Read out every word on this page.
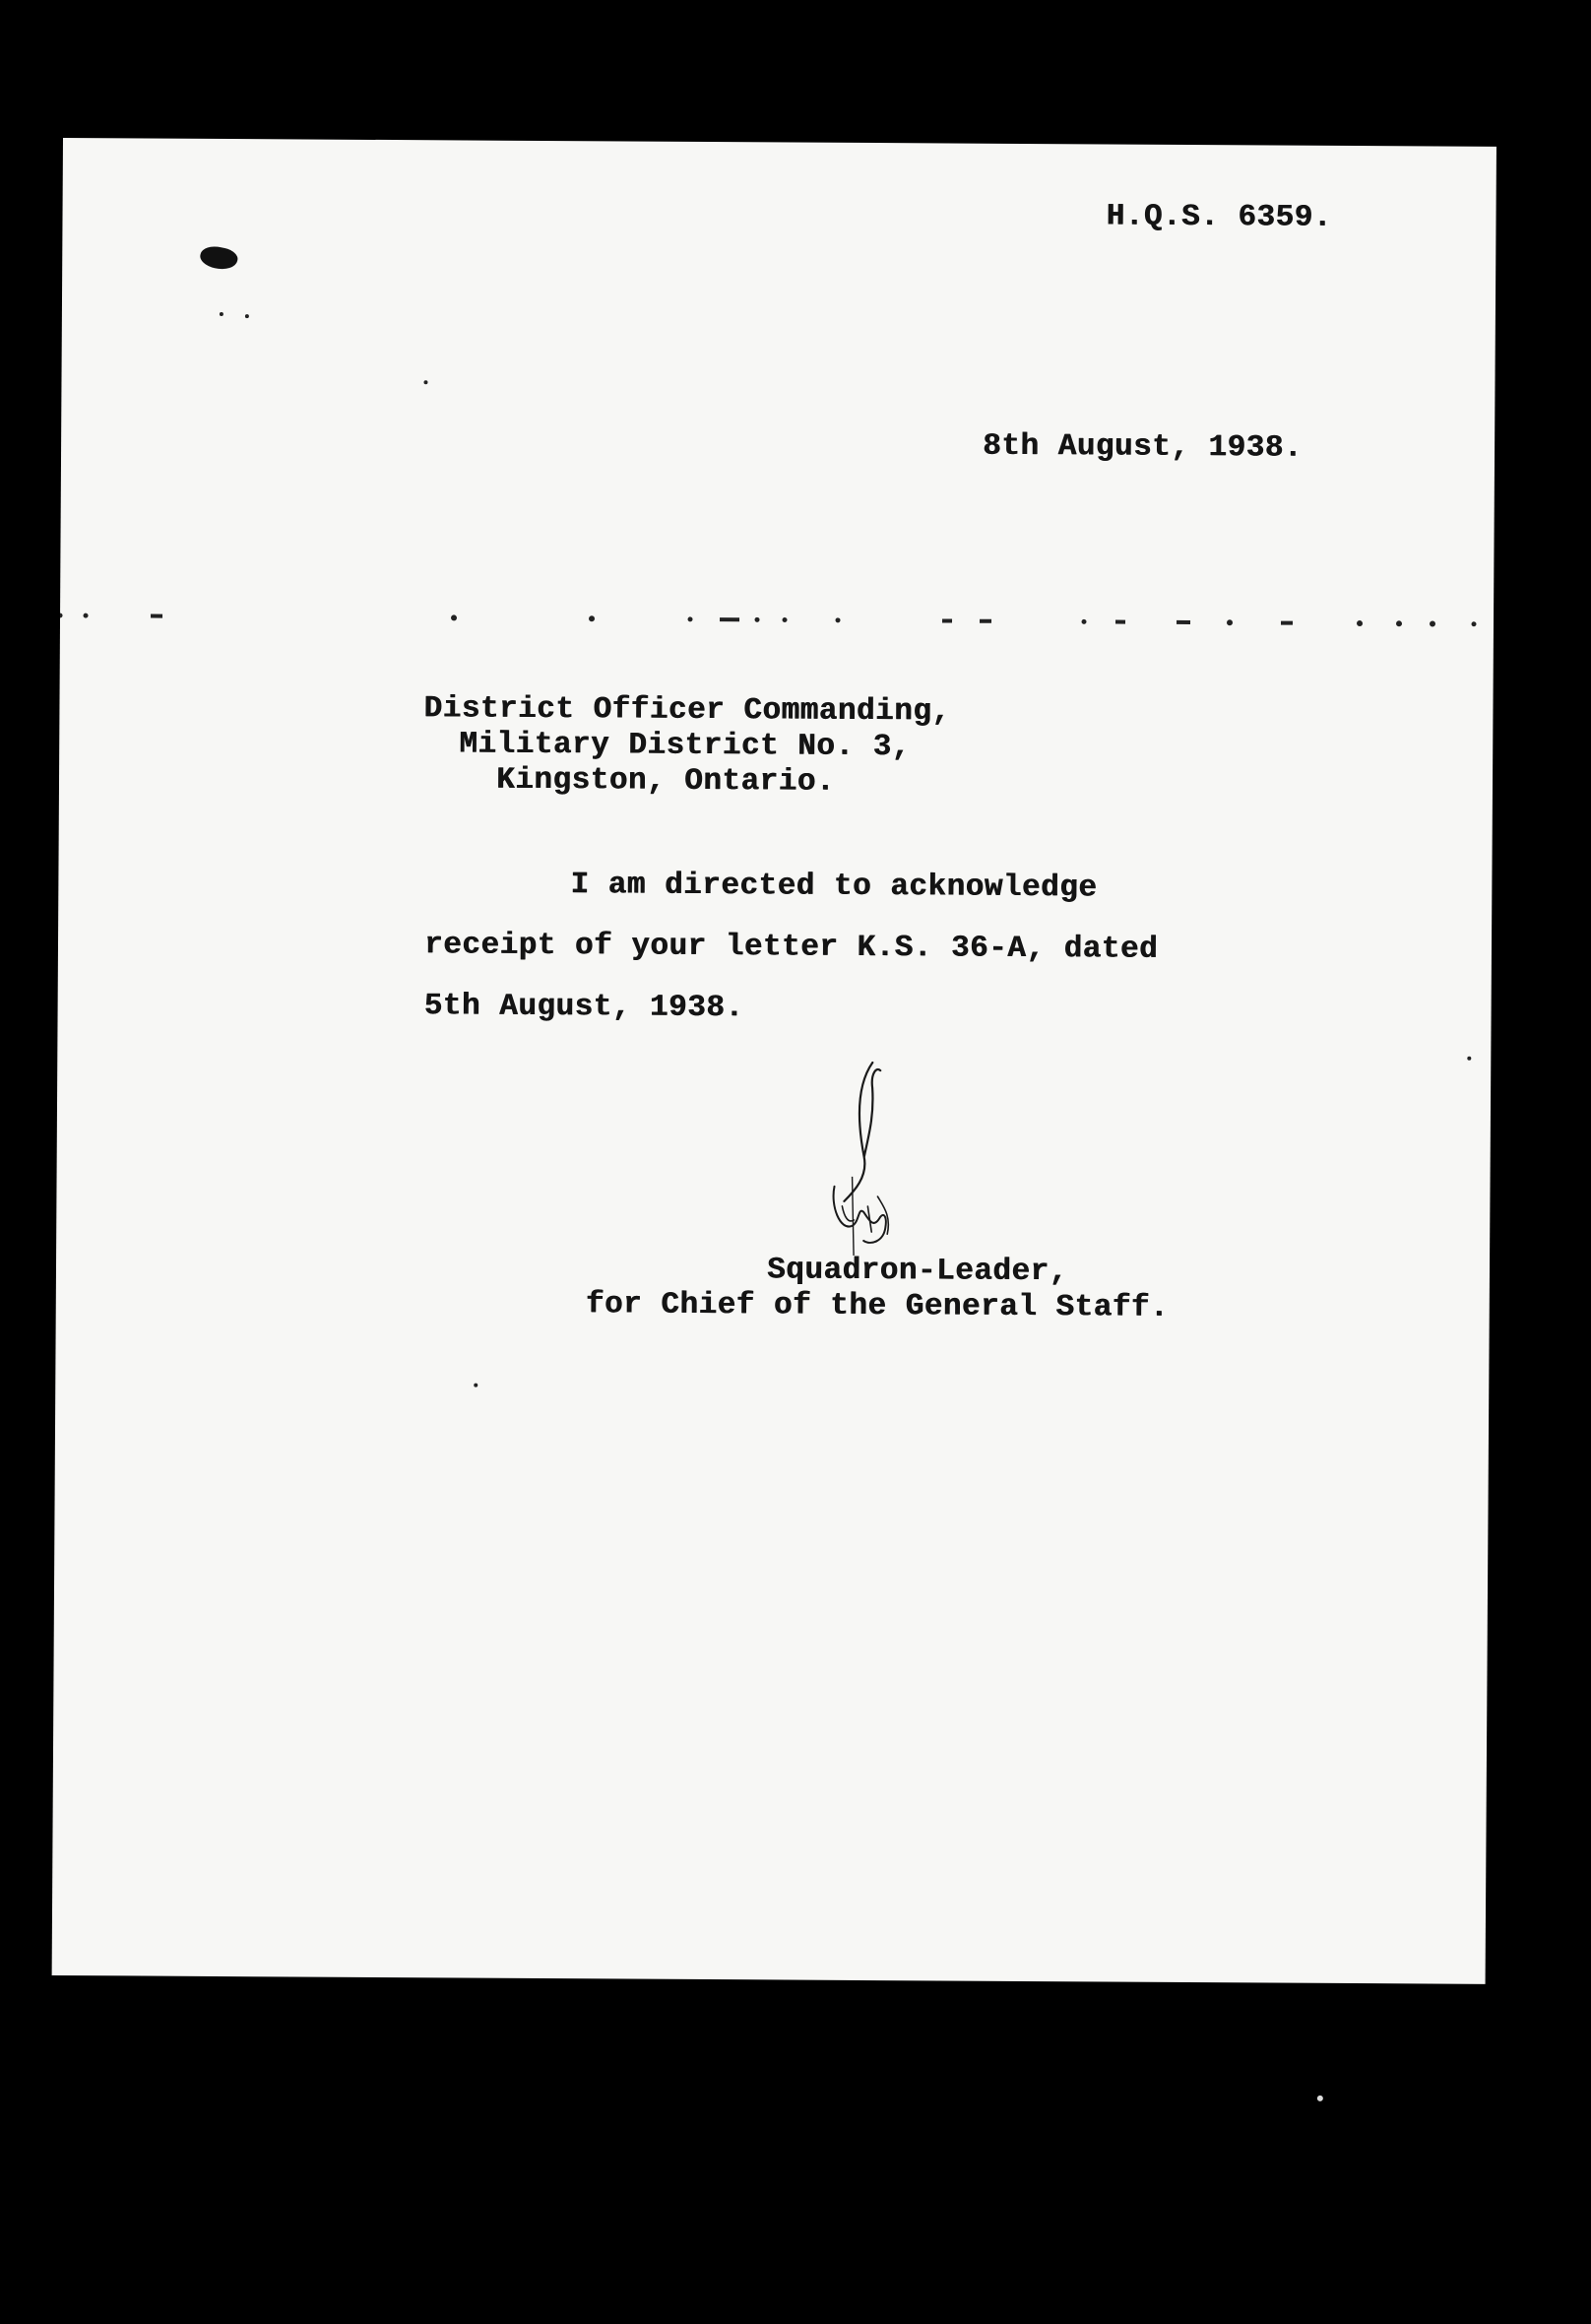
H.Q.S. 6359.
8th August, 1938.
District Officer Commanding,
Military District No. 3,
Kingston, Ontario.
I am directed to acknowledge
receipt of your letter K.S. 36-A, dated
5th August, 1938.
Squadron-Leader,
for Chief of the General Staff.
